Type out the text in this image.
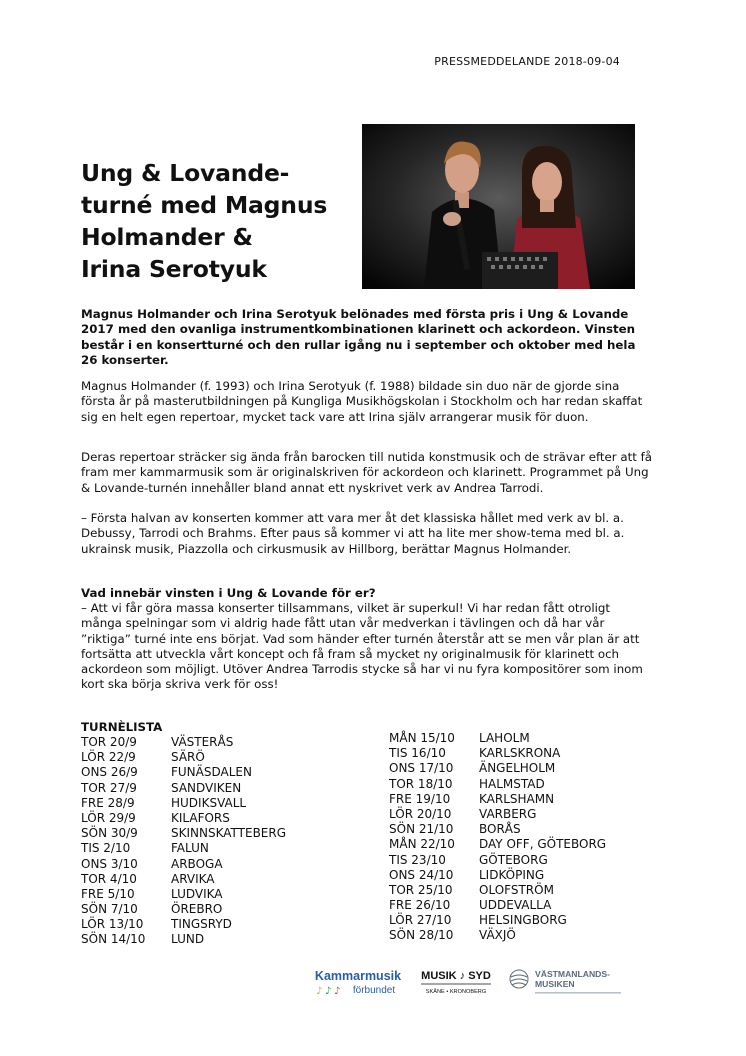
PRESSMEDDELANDE 2018-09-04
Ung & Lovande-
turné med Magnus
Holmander &
Irina Serotyuk

Magnus Holmander och Irina Serotyuk belönades med första pris i Ung & Lovande 2017 med den ovanliga instrumentkombinationen klarinett och ackordeon. Vinsten består i en konsertturné och den rullar igång nu i september och oktober med hela 26 konserter.

Magnus Holmander (f. 1993) och Irina Serotyuk (f. 1988) bildade sin duo när de gjorde sina första år på masterutbildningen på Kungliga Musikhögskolan i Stockholm och har redan skaffat sig en helt egen repertoar, mycket tack vare att Irina själv arrangerar musik för duon.

Deras repertoar sträcker sig ända från barocken till nutida konstmusik och de strävar efter att få fram mer kammarmusik som är originalskriven för ackordeon och klarinett. Programmet på Ung & Lovande-turnén innehåller bland annat ett nyskrivet verk av Andrea Tarrodi.

– Första halvan av konserten kommer att vara mer åt det klassiska hållet med verk av bl. a. Debussy, Tarrodi och Brahms. Efter paus så kommer vi att ha lite mer show-tema med bl. a. ukrainsk musik, Piazzolla och cirkusmusik av Hillborg, berättar Magnus Holmander.

Vad innebär vinsten i Ung & Lovande för er?

– Att vi får göra massa konserter tillsammans, vilket är superkul! Vi har redan fått otroligt många spelningar som vi aldrig hade fått utan vår medverkan i tävlingen och då har vår ”riktiga” turné inte ens börjat. Vad som händer efter turnén återstår att se men vår plan är att fortsätta att utveckla vårt koncept och få fram så mycket ny originalmusik för klarinett och ackordeon som möjligt. Utöver Andrea Tarrodis stycke så har vi nu fyra kompositörer som inom kort ska börja skriva verk för oss!

TURNÈLISTA
TOR 20/9	VÄSTERÅS
LÖR 22/9	SÄRÖ
ONS 26/9	FUNÄSDALEN
TOR 27/9	SANDVIKEN
FRE 28/9	HUDIKSVALL
LÖR 29/9	KILAFORS
SÖN 30/9	SKINNSKATTEBERG
TIS 2/10	FALUN
ONS 3/10	ARBOGA
TOR 4/10	ARVIKA
FRE 5/10	LUDVIKA
SÖN 7/10	ÖREBRO
LÖR 13/10	TINGSRYD
SÖN 14/10	LUND
MÅN 15/10	LAHOLM
TIS 16/10	KARLSKRONA
ONS 17/10	ÄNGELHOLM
TOR 18/10	HALMSTAD
FRE 19/10	KARLSHAMN
LÖR 20/10	VARBERG
SÖN 21/10	BORÅS
MÅN 22/10	DAY OFF, GÖTEBORG
TIS 23/10	GÖTEBORG
ONS 24/10	LIDKÖPING
TOR 25/10	OLOFSTRÖM
FRE 26/10	UDDEVALLA
LÖR 27/10	HELSINGBORG
SÖN 28/10	VÄXJÖ
Kammarmusik
♪ ♪ ♪ förbundet
MUSIK ♪ SYD
SKÅNE • KRONOBERG
VÄSTMANLANDS-
MUSIKEN
